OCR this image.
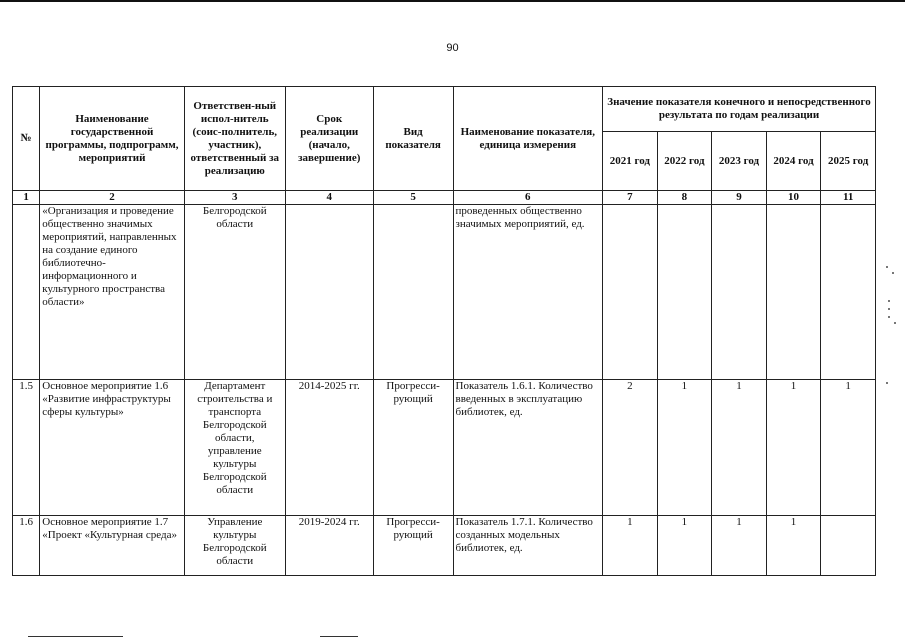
90
№	Наименование государственной программы, подпрограмм, мероприятий	Ответствен-ный испол-нитель (соис-полнитель, участник), ответственный за реализацию	Срок реализации (начало, завершение)	Вид показателя	Наименование показателя, единица измерения	Значение показателя конечного и непосредственного результата по годам реализации				
						2021 год	2022 год	2023 год	2024 год	2025 год
1	2	3	4	5	6	7	8	9	10	11
	«Организация и проведение общественно значимых мероприятий, направленных на создание единого библиотечно-информационного и культурного пространства области»	Белгородской области			проведенных общественно значимых мероприятий, ед.					
1.5	Основное мероприятие 1.6 «Развитие инфраструктуры сферы культуры»	Департамент строительства и транспорта Белгородской области, управление культуры Белгородской области	2014-2025 гг.	Прогресси-рующий	Показатель 1.6.1. Количество введенных в эксплуатацию библиотек, ед.	2	1	1	1	1
1.6	Основное мероприятие 1.7 «Проект «Культурная среда»	Управление культуры Белгородской области	2019-2024 гг.	Прогресси-рующий	Показатель 1.7.1. Количество созданных модельных библиотек, ед.	1	1	1	1	
